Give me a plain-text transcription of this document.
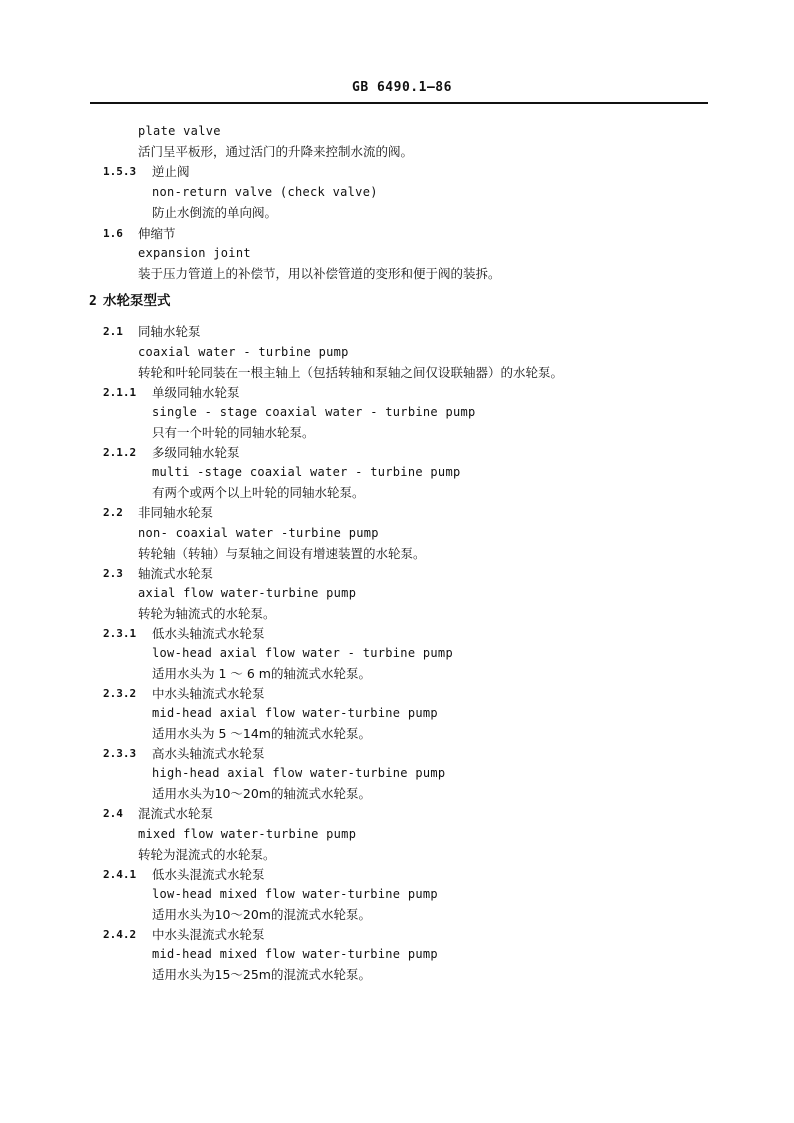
GB 6490.1—86
plate valve
活门呈平板形，通过活门的升降来控制水流的阀。
1.5.3 逆止阀
non-return valve (check valve)
防止水倒流的单向阀。
1.6 伸缩节
expansion joint
装于压力管道上的补偿节，用以补偿管道的变形和便于阀的装拆。
2 水轮泵型式
2.1 同轴水轮泵
coaxial water - turbine pump
转轮和叶轮同装在一根主轴上（包括转轴和泵轴之间仅设联轴器）的水轮泵。
2.1.1 单级同轴水轮泵
single - stage coaxial water - turbine pump
只有一个叶轮的同轴水轮泵。
2.1.2 多级同轴水轮泵
multi -stage coaxial water - turbine pump
有两个或两个以上叶轮的同轴水轮泵。
2.2 非同轴水轮泵
non- coaxial water -turbine pump
转轮轴（转轴）与泵轴之间设有增速装置的水轮泵。
2.3 轴流式水轮泵
axial flow water-turbine pump
转轮为轴流式的水轮泵。
2.3.1 低水头轴流式水轮泵
low-head axial flow water - turbine pump
适用水头为 1 ～ 6 m的轴流式水轮泵。
2.3.2 中水头轴流式水轮泵
mid-head axial flow water-turbine pump
适用水头为 5 ～14m的轴流式水轮泵。
2.3.3 高水头轴流式水轮泵
high-head axial flow water-turbine pump
适用水头为10～20m的轴流式水轮泵。
2.4 混流式水轮泵
mixed flow water-turbine pump
转轮为混流式的水轮泵。
2.4.1 低水头混流式水轮泵
low-head mixed flow water-turbine pump
适用水头为10～20m的混流式水轮泵。
2.4.2 中水头混流式水轮泵
mid-head mixed flow water-turbine pump
适用水头为15～25m的混流式水轮泵。
